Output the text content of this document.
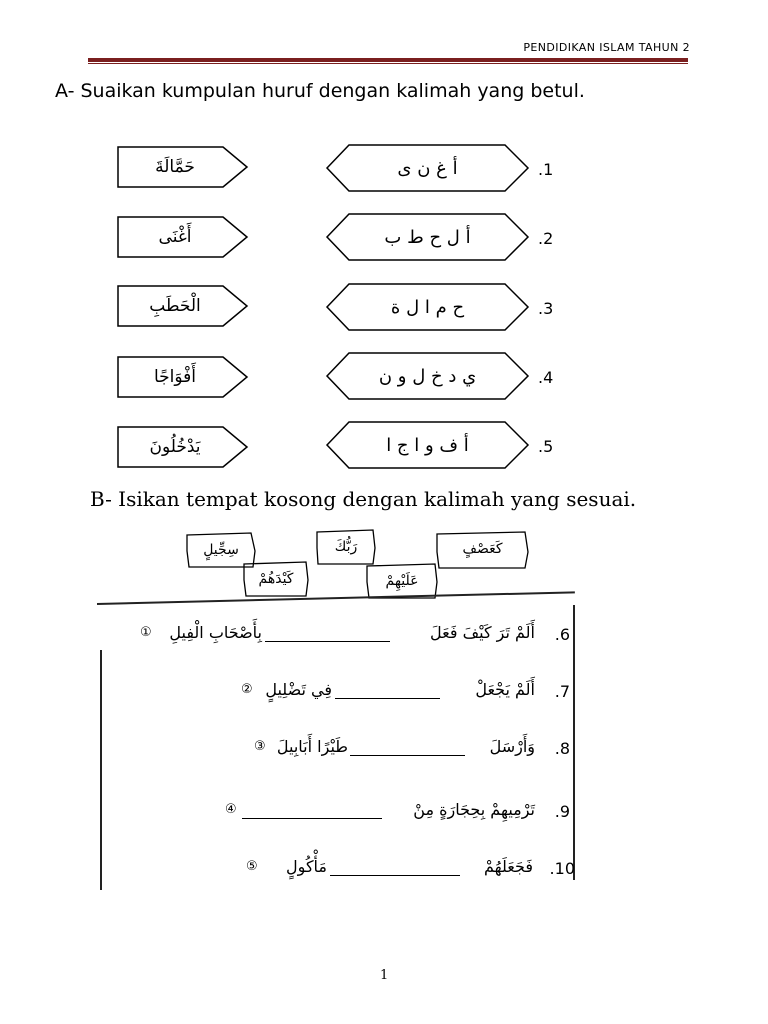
PENDIDIKAN ISLAM TAHUN 2
A- Suaikan kumpulan huruf dengan kalimah yang betul.
حَمَّالَةَ	أ غ ن ى	.1
أَغْنَى	أ ل ح ط ب	.2
الْحَطَبِ	ح م ا ل ة	.3
أَفْوَاجًا	ي د خ ل و ن	.4
يَدْخُلُونَ	أ ف و ا ج ا	.5
B- Isikan tempat kosong dengan kalimah yang sesuai.
سِجِّيلٍ	رَبُّكَ	كَعَصْفٍ
كَيْدَهُمْ	عَلَيْهِمْ
.6
أَلَمْ تَرَ كَيْفَ فَعَلَ
بِأَصْحَابِ الْفِيلِ
①
.7
أَلَمْ يَجْعَلْ
فِي تَضْلِيلٍ
②
.8
وَأَرْسَلَ
طَيْرًا أَبَابِيلَ
③
.9
تَرْمِيهِمْ بِحِجَارَةٍ مِنْ
④
.10
فَجَعَلَهُمْ
مَأْكُولٍ
⑤
1
